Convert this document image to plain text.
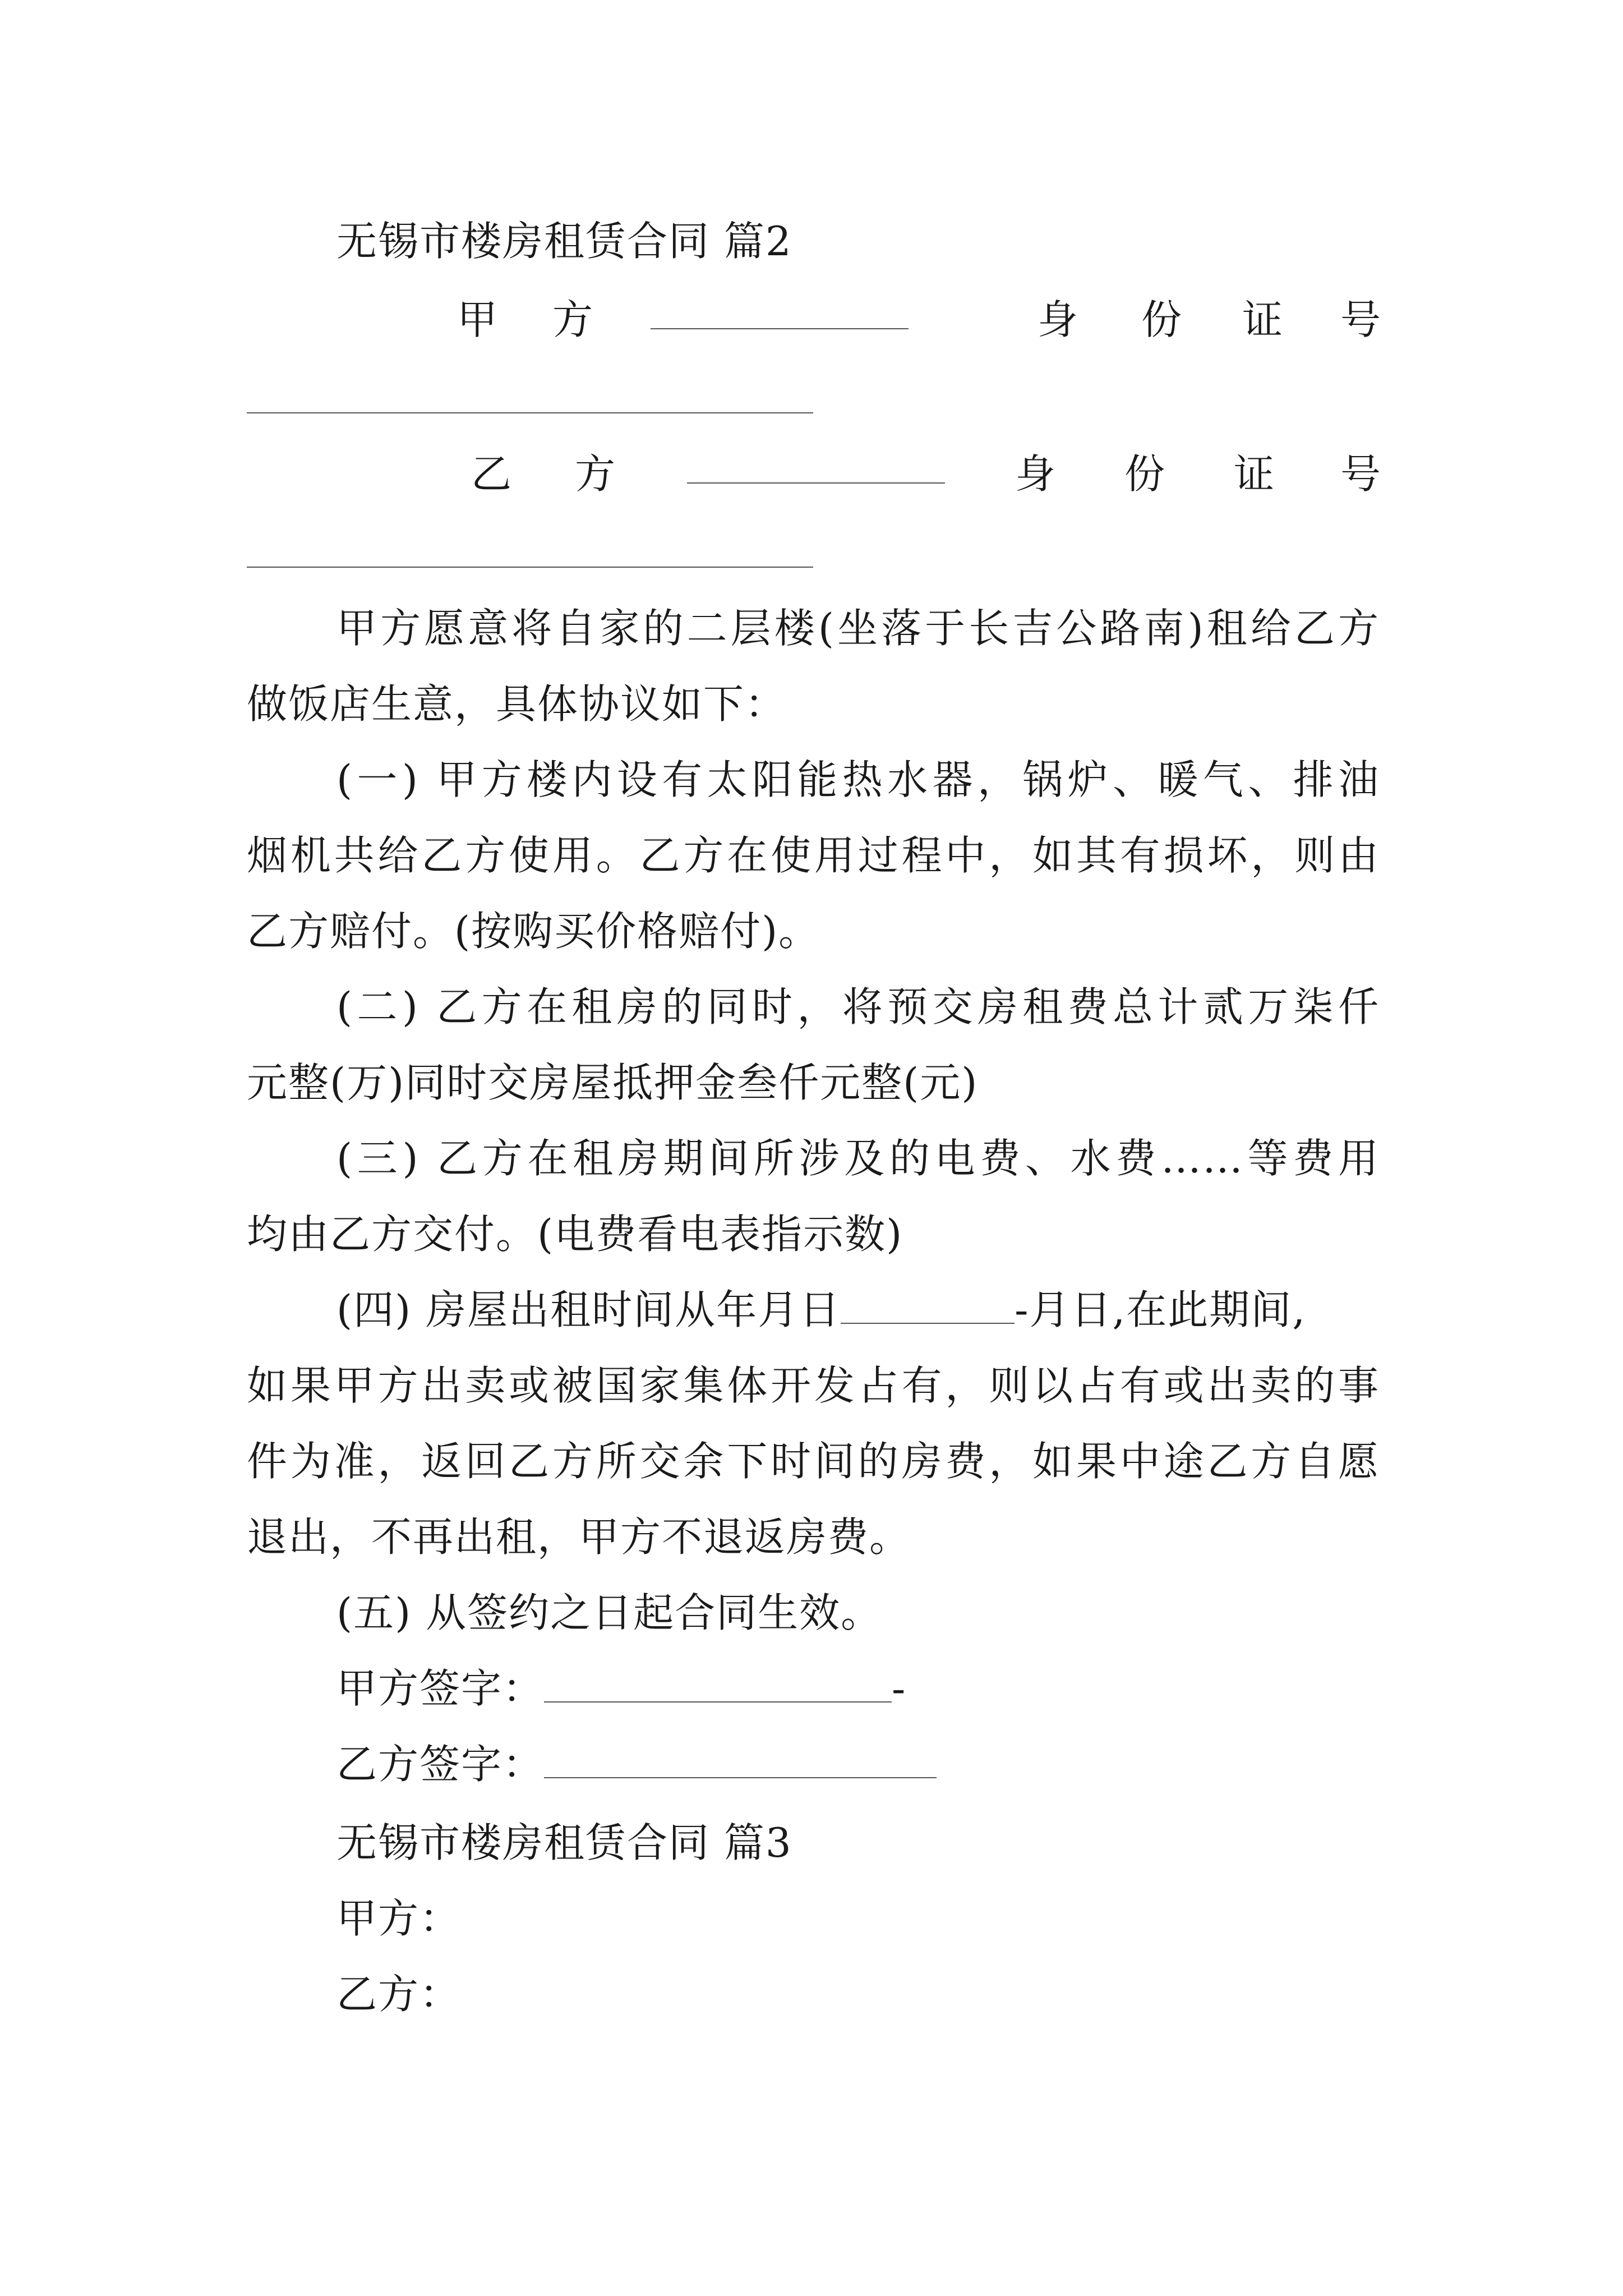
无锡市楼房租赁合同 篇2
甲 方	身 份 证 号
乙 方	身 份 证 号
甲方愿意将自家的二层楼(坐落于长吉公路南)租给乙方
做饭店生意，具体协议如下：
(一) 甲方楼内设有太阳能热水器，锅炉、暖气、排油
烟机共给乙方使用。乙方在使用过程中，如其有损坏，则由
乙方赔付。(按购买价格赔付)。
(二) 乙方在租房的同时，将预交房租费总计贰万柒仟
元整(万)同时交房屋抵押金叁仟元整(元)
(三) 乙方在租房期间所涉及的电费、水费……等费用
均由乙方交付。(电费看电表指示数)
(四) 房屋出租时间从年月日	-月日,在此期间,
如果甲方出卖或被国家集体开发占有，则以占有或出卖的事
件为准，返回乙方所交余下时间的房费，如果中途乙方自愿
退出，不再出租，甲方不退返房费。
(五) 从签约之日起合同生效。
甲方签字：	-
乙方签字：
无锡市楼房租赁合同 篇3
甲方：
乙方：
